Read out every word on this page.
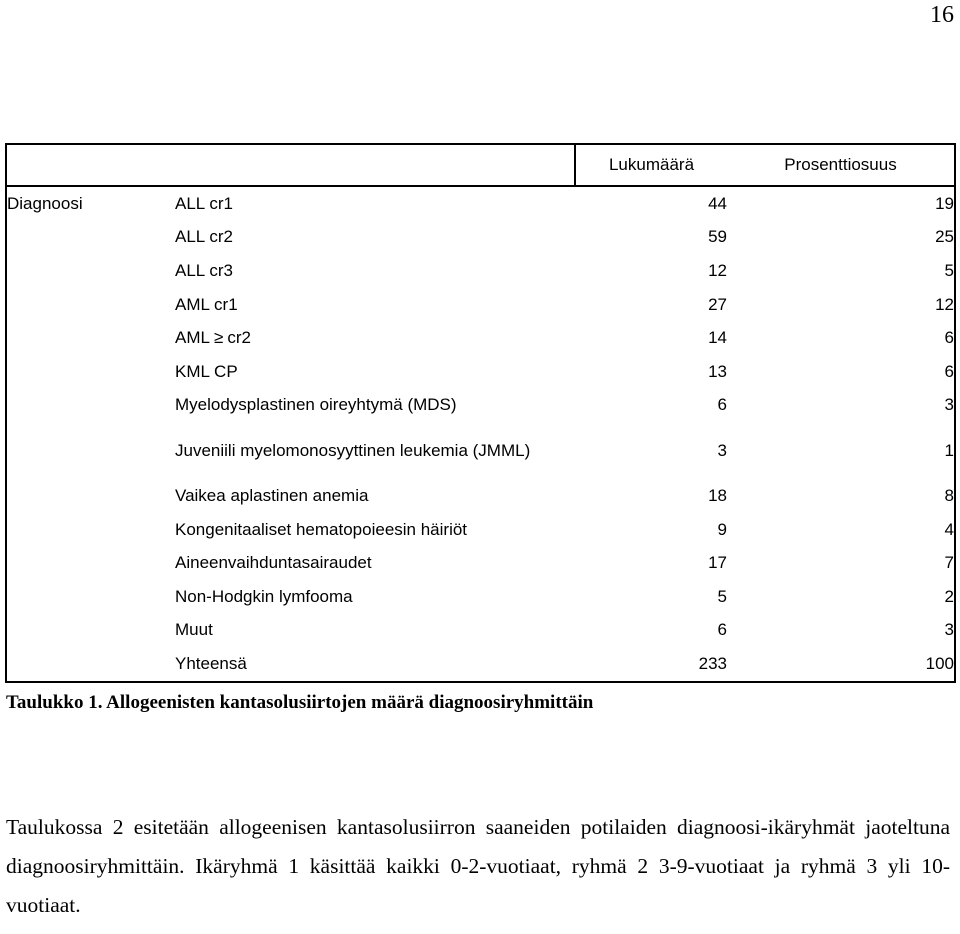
16
		Lukumäärä	Prosenttiosuus
Diagnoosi	ALL cr1	44	19
	ALL cr2	59	25
	ALL cr3	12	5
	AML cr1	27	12
	AML ≥ cr2	14	6
	KML CP	13	6
	Myelodysplastinen oireyhtymä (MDS)	6	3
	Juveniili myelomonosyyttinen leukemia (JMML)	3	1
	Vaikea aplastinen anemia	18	8
	Kongenitaaliset hematopoieesin häiriöt	9	4
	Aineenvaihduntasairaudet	17	7
	Non-Hodgkin lymfooma	5	2
	Muut	6	3
	Yhteensä	233	100
Taulukko 1. Allogeenisten kantasolusiirtojen määrä diagnoosiryhmittäin
Taulukossa 2 esitetään allogeenisen kantasolusiirron saaneiden potilaiden diagnoosi-ikäryhmät jaoteltuna diagnoosiryhmittäin. Ikäryhmä 1 käsittää kaikki 0-2-vuotiaat, ryhmä 2 3-9-vuotiaat ja ryhmä 3 yli 10-vuotiaat.
